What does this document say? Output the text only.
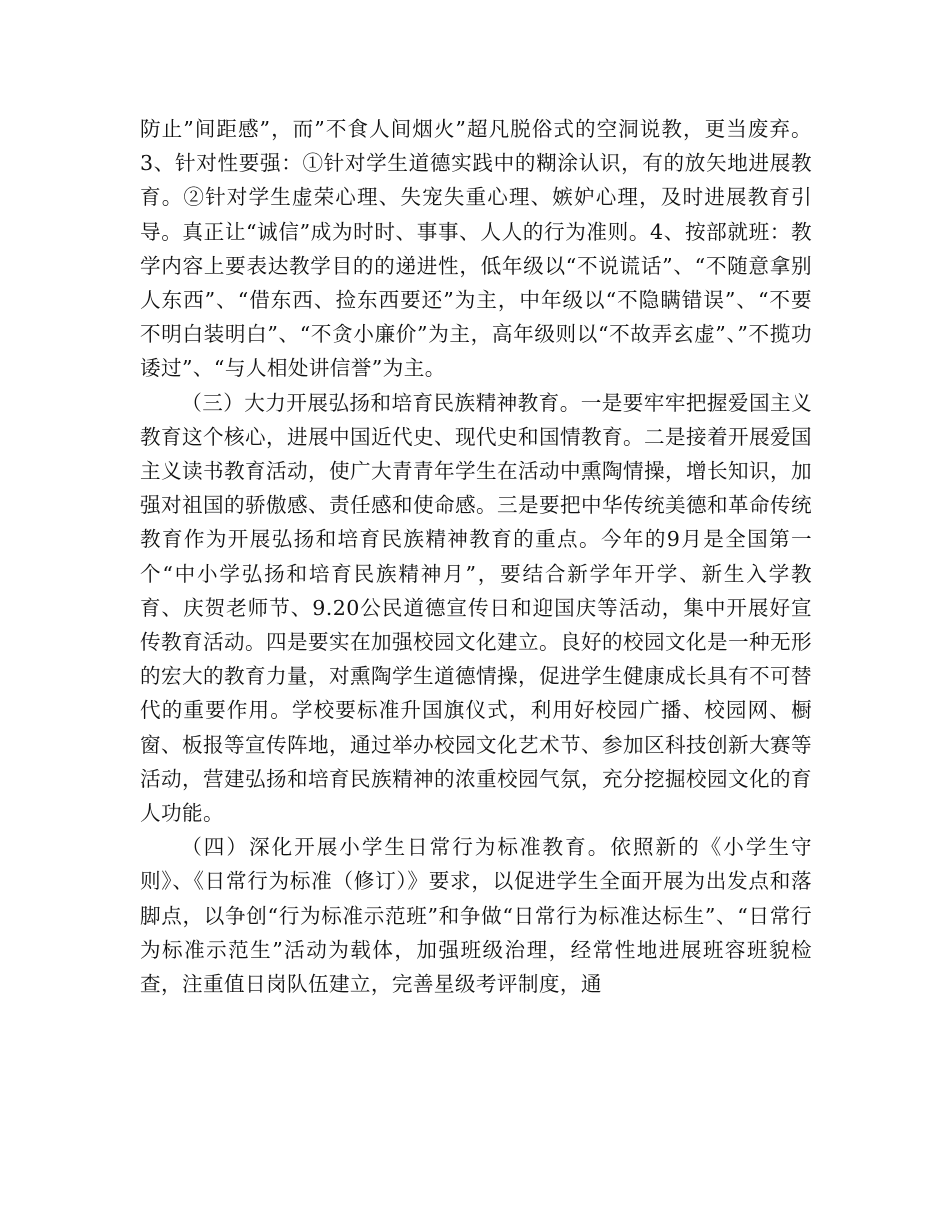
防止”间距感”，而”不食人间烟火”超凡脱俗式的空洞说教，更当废弃。3、针对性要强：①针对学生道德实践中的糊涂认识，有的放矢地进展教育。②针对学生虚荣心理、失宠失重心理、嫉妒心理，及时进展教育引导。真正让“诚信”成为时时、事事、人人的行为准则。4、按部就班：教学内容上要表达教学目的的递进性，低年级以“不说谎话”、“不随意拿别人东西”、“借东西、捡东西要还”为主，中年级以“不隐瞒错误”、“不要不明白装明白”、“不贪小廉价”为主，高年级则以“不故弄玄虚”、”不揽功诿过”、“与人相处讲信誉”为主。

（三）大力开展弘扬和培育民族精神教育。一是要牢牢把握爱国主义教育这个核心，进展中国近代史、现代史和国情教育。二是接着开展爱国主义读书教育活动，使广大青青年学生在活动中熏陶情操，增长知识，加强对祖国的骄傲感、责任感和使命感。三是要把中华传统美德和革命传统教育作为开展弘扬和培育民族精神教育的重点。今年的9月是全国第一个“中小学弘扬和培育民族精神月”，要结合新学年开学、新生入学教育、庆贺老师节、9.20公民道德宣传日和迎国庆等活动，集中开展好宣传教育活动。四是要实在加强校园文化建立。良好的校园文化是一种无形的宏大的教育力量，对熏陶学生道德情操，促进学生健康成长具有不可替代的重要作用。学校要标准升国旗仪式，利用好校园广播、校园网、橱窗、板报等宣传阵地，通过举办校园文化艺术节、参加区科技创新大赛等活动，营建弘扬和培育民族精神的浓重校园气氛，充分挖掘校园文化的育人功能。

（四）深化开展小学生日常行为标准教育。依照新的《小学生守则》、《日常行为标准（修订）》要求，以促进学生全面开展为出发点和落脚点，以争创“行为标准示范班”和争做“日常行为标准达标生”、“日常行为标准示范生”活动为载体，加强班级治理，经常性地进展班容班貌检查，注重值日岗队伍建立，完善星级考评制度，通
